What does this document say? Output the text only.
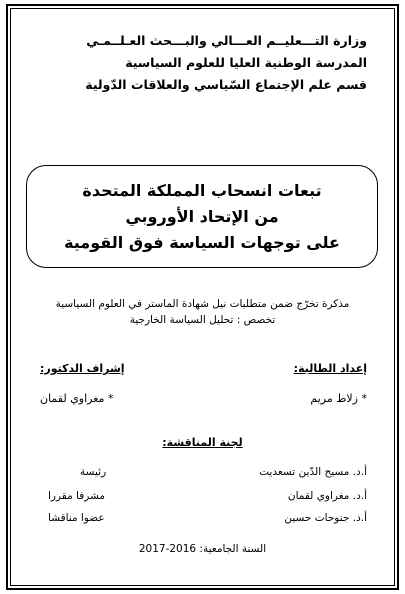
وزارة التـــعليــم العـــالي والبـــحث العـلــمـي
المدرسة الوطنية العليا للعلوم السياسية
قسم علم الإجتماع السّياسي والعلاقات الدّولية
تبعات انسحاب المملكة المتحدة
من الإتحاد الأوروبي
على توجهات السياسة فوق القومية
مذكرة تخرّج ضمن متطلبات نيل شهادة الماستر في العلوم السياسية
تخصص : تحليل السياسة الخارجية
إعداد الطالبة:
* زلاط مريم
إشراف الدكتور:
* مغراوي لقمان
لجنة المناقشة:
أ.د. مسيح الدّين تسعديت
رئيسة
أ.د. مغراوي لقمان
مشرفا مقررا
أ.د. جنوحات حسين
عضوا مناقشا
السنة الجامعية: 2016-2017
